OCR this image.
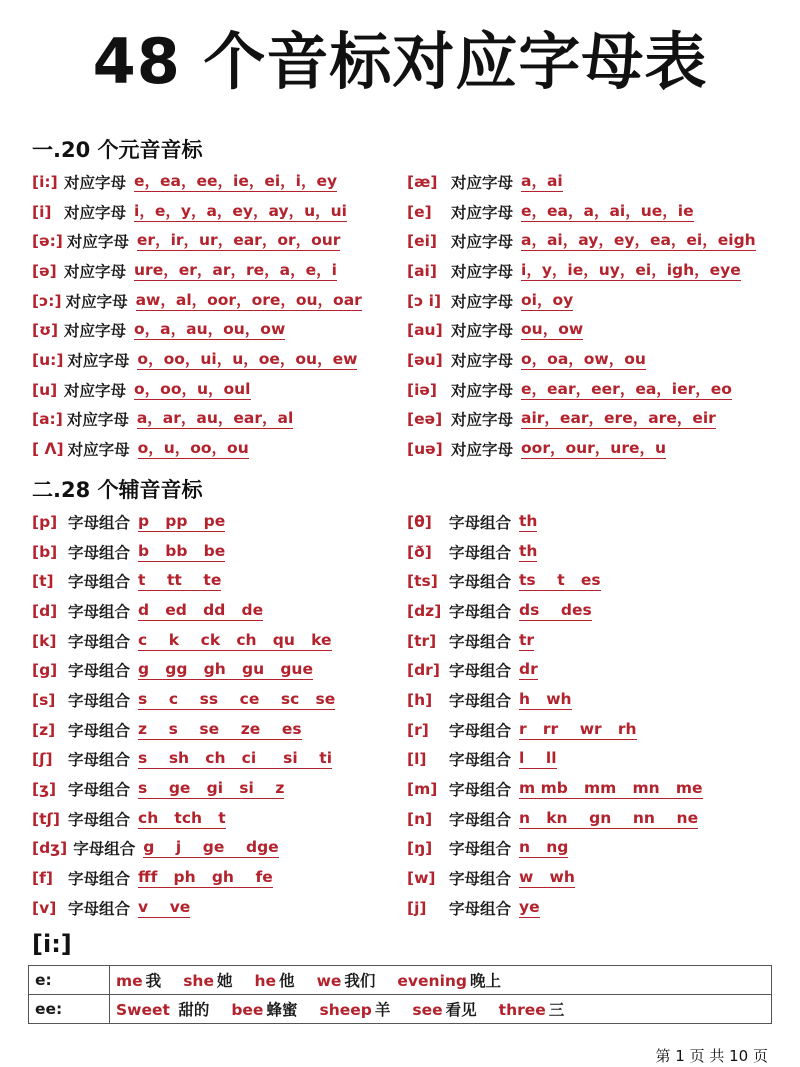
48 个音标对应字母表
一.20 个元音音标
[i:] 对应字母 e，ea，ee，ie，ei，i，ey	[æ] 对应字母 a，ai
[i] 对应字母 i，e，y，a，ey，ay，u，ui	[e]	对应字母 e，ea，a，ai，ue，ie
[ə:] 对应字母 er，ir，ur，ear，or，our	[ei] 对应字母 a，ai，ay，ey，ea，ei，eigh
[ə] 对应字母 ure，er，ar，re，a，e，i	[ai] 对应字母 i，y，ie，uy，ei，igh，eye
[ɔ:] 对应字母 aw，al，oor，ore，ou，oar	[ɔ i] 对应字母 oi，oy
[ʊ] 对应字母 o，a，au，ou，ow	[au] 对应字母 ou，ow
[u:] 对应字母 o，oo，ui，u，oe，ou，ew	[əu] 对应字母 o，oa，ow，ou
[u] 对应字母 o，oo，u，oul	[iə] 对应字母 e，ear，eer，ea，ier，eo
[a:] 对应字母 a，ar，au，ear，al	[eə] 对应字母 air，ear，ere，are，eir
[ Λ] 对应字母 o，u，oo，ou	[uə] 对应字母 oor，our，ure，u
二.28 个辅音音标
[p] 字母组合 p   pp   pe	[θ]	字母组合 th
[b] 字母组合 b   bb   be	[ð]	字母组合 th
[t] 字母组合 t    tt    te	[ts] 字母组合 ts    t   es
[d] 字母组合 d   ed   dd   de	[dz] 字母组合 ds    des
[k] 字母组合 c    k    ck   ch   qu   ke	[tr] 字母组合 tr
[g] 字母组合 g   gg   gh   gu   gue	[dr] 字母组合 dr
[s] 字母组合 s    c    ss    ce    sc   se	[h]	字母组合 h   wh
[z] 字母组合 z    s    se    ze    es	[r]	字母组合 r   rr    wr   rh
[ʃ] 字母组合 s    sh   ch   ci     si    ti	[l]	字母组合 l    ll
[ʒ] 字母组合 s    ge   gi   si    z	[m] 字母组合 m mb   mm   mn   me
[tʃ] 字母组合 ch   tch   t	[n]	字母组合 n   kn    gn    nn    ne
[dʒ] 字母组合 g    j    ge    dge	[ŋ]	字母组合 n   ng
[f] 字母组合 fff   ph   gh    fe	[w] 字母组合 w   wh
[v] 字母组合 v    ve	[j]	字母组合 ye
[i:]
e:	me 我 she 她 he 他 we 我们 evening 晚上
ee:	Sweet 甜的 bee 蜂蜜 sheep 羊 see 看见 three 三
第 1 页 共 10 页
